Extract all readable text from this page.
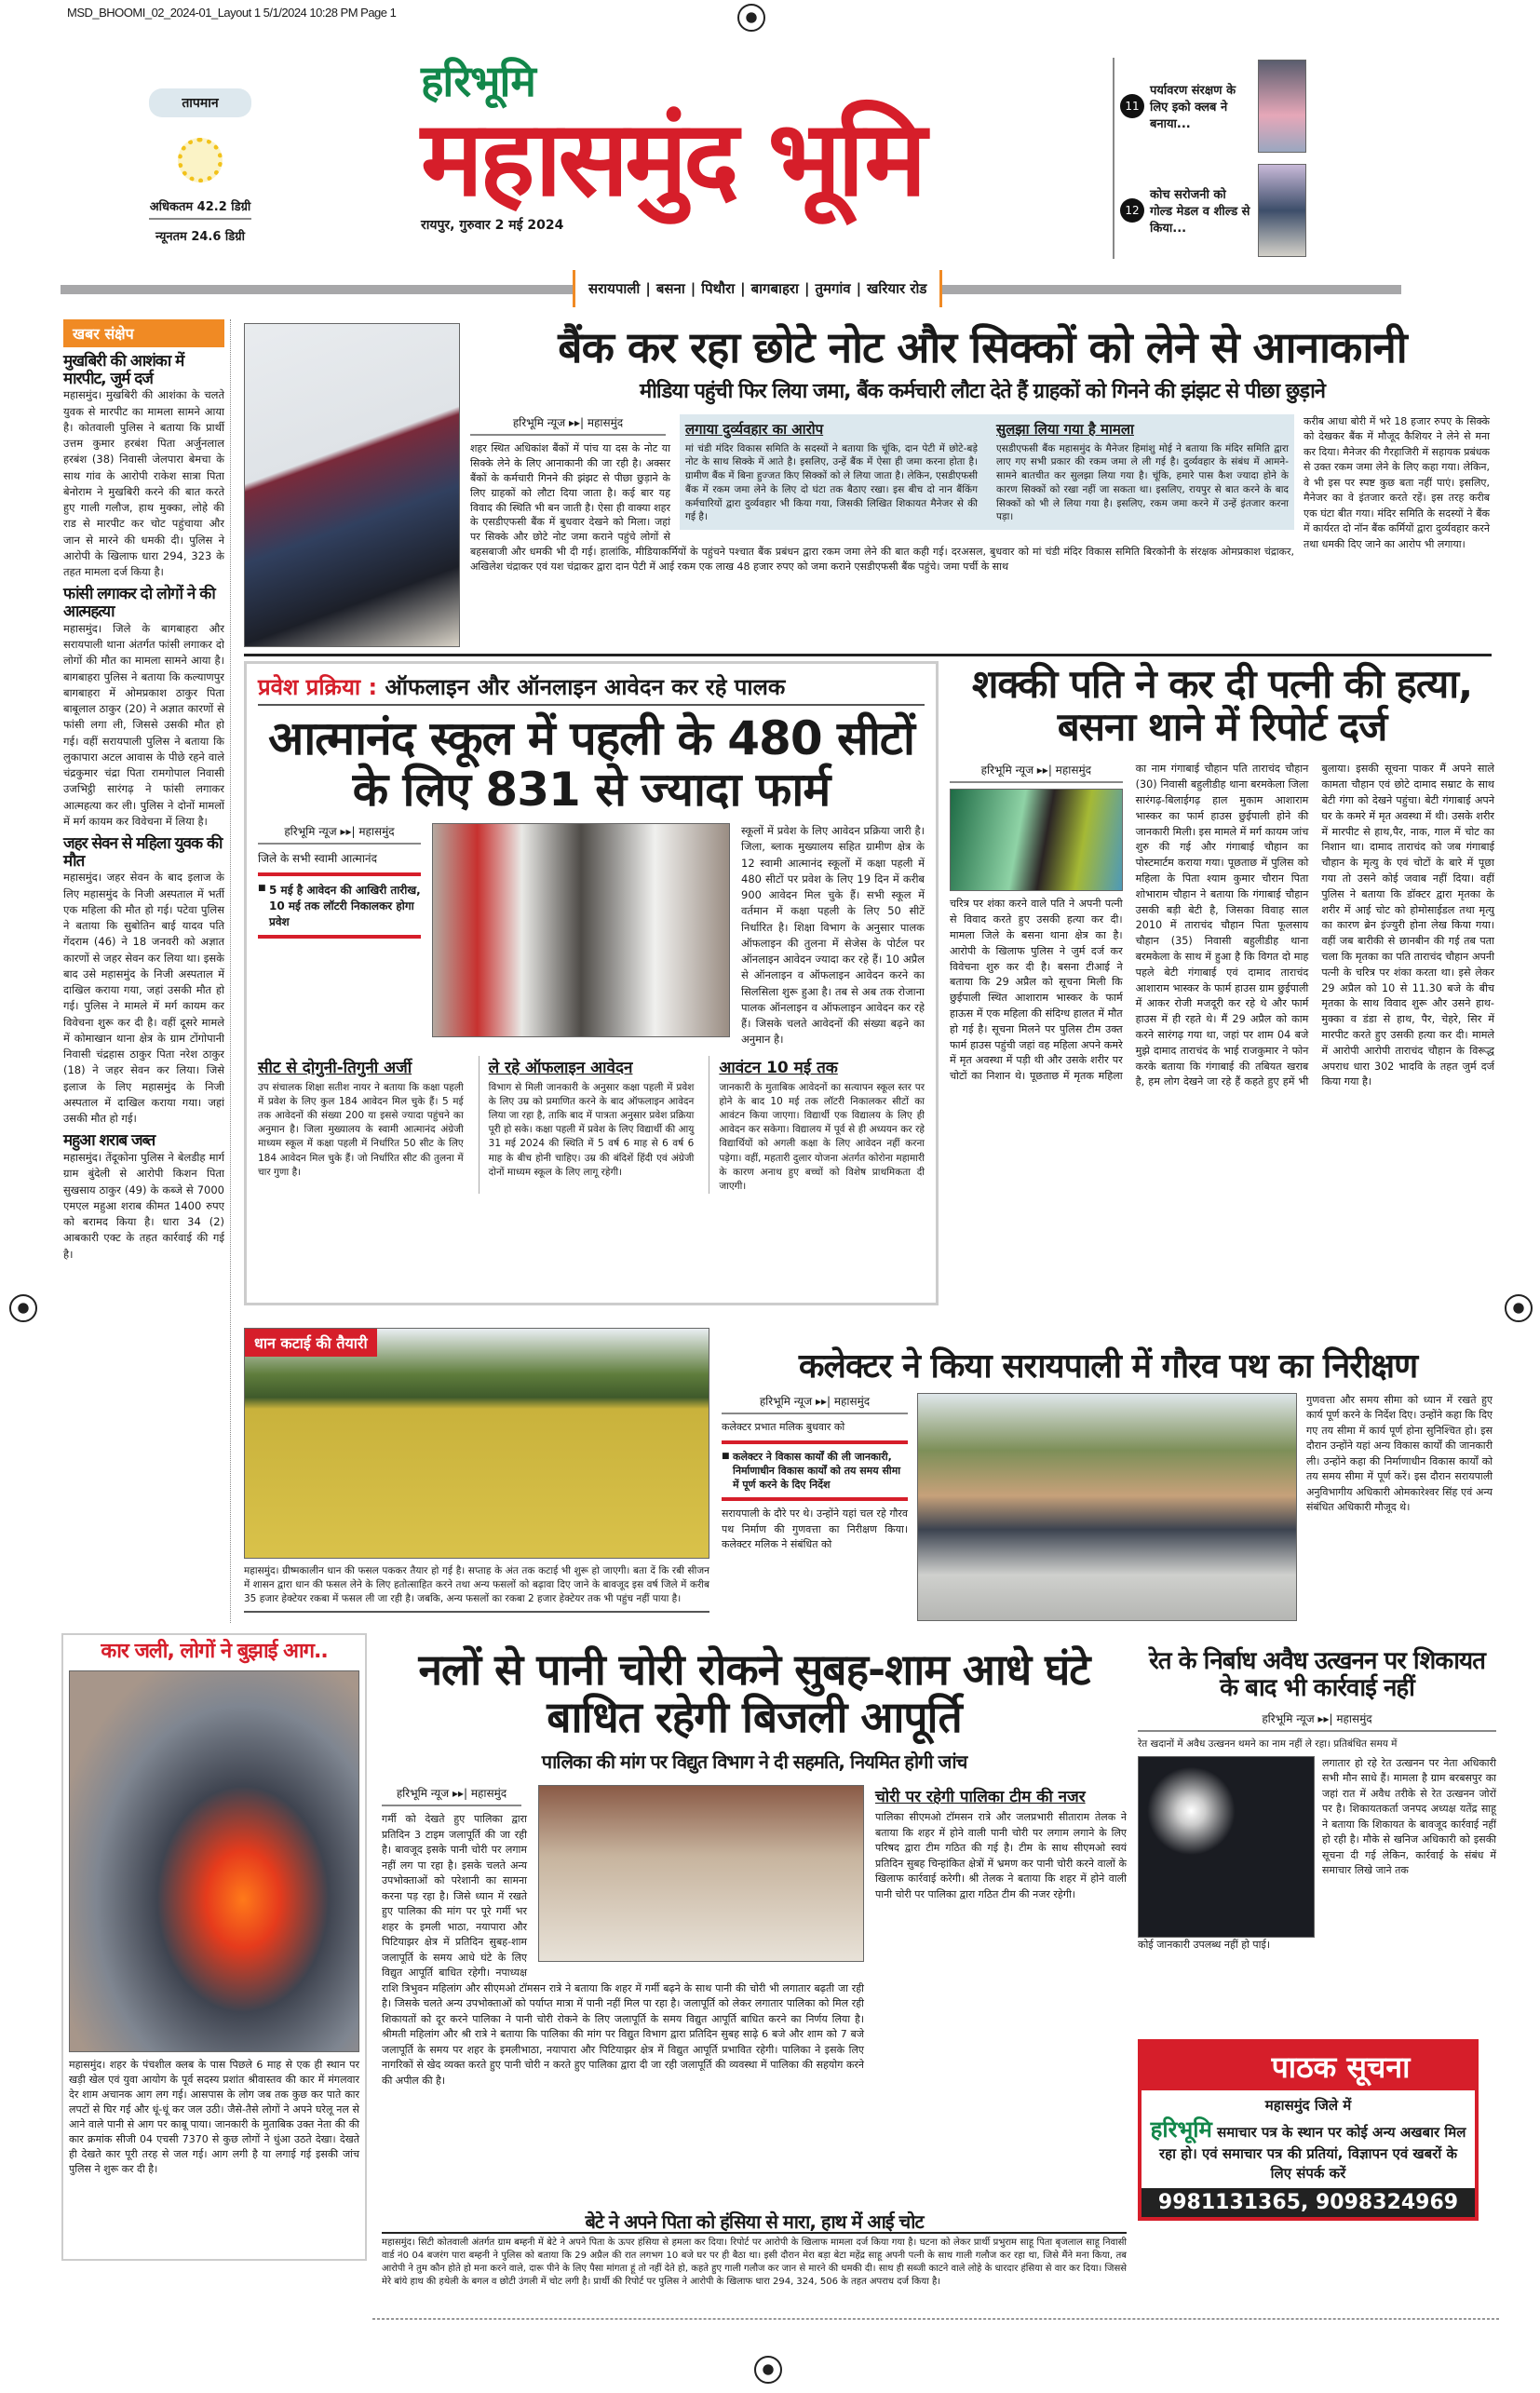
MSD_BHOOMI_02_2024-01_Layout 1 5/1/2024 10:28 PM Page 1
तापमान
अधिकतम 42.2 डिग्री
न्यूनतम 24.6 डिग्री
हरिभूमि
महासमुंद भूमि
रायपुर, गुरुवार 2 मई 2024
सरायपाली | बसना | पिथौरा | बागबाहरा | तुमगांव | खरियार रोड
11
पर्यावरण संरक्षण के लिए इको क्लब ने बनाया...
12
कोच सरोजनी को गोल्ड मेडल व शील्ड से किया...
खबर संक्षेप
मुखबिरी की आशंका में मारपीट, जुर्म दर्ज
महासमुंद। मुखबिरी की आशंका के चलते युवक से मारपीट का मामला सामने आया है। कोतवाली पुलिस ने बताया कि प्रार्थी उत्तम कुमार हरबंश पिता अर्जुनलाल हरबंश (38) निवासी जेलपारा बेमचा के साथ गांव के आरोपी राकेश सात्रा पिता बेनोराम ने मुखबिरी करने की बात करते हुए गाली गलौज, हाथ मुक्का, लोहे की राड से मारपीट कर चोट पहुंचाया और जान से मारने की धमकी दी। पुलिस ने आरोपी के खिलाफ धारा 294, 323 के तहत मामला दर्ज किया है।
फांसी लगाकर दो लोगों ने की आत्महत्या
महासमुंद। जिले के बागबाहरा और सरायपाली थाना अंतर्गत फांसी लगाकर दो लोगों की मौत का मामला सामने आया है। बागबाहरा पुलिस ने बताया कि कल्याणपुर बागबाहरा में ओमप्रकाश ठाकुर पिता बाबूलाल ठाकुर (20) ने अज्ञात कारणों से फांसी लगा ली, जिससे उसकी मौत हो गई। वहीं सरायपाली पुलिस ने बताया कि लुकापारा अटल आवास के पीछे रहने वाले चंद्रकुमार चंद्रा पिता रामगोपाल निवासी उजभिट्ठी सारंगढ़ ने फांसी लगाकर आत्महत्या कर ली। पुलिस ने दोनों मामलों में मर्ग कायम कर विवेचना में लिया है।
जहर सेवन से महिला युवक की मौत
महासमुंद। जहर सेवन के बाद इलाज के लिए महासमुंद के निजी अस्पताल में भर्ती एक महिला की मौत हो गई। पटेवा पुलिस ने बताया कि सुबोतिन बाई यादव पति गेंदराम (46) ने 18 जनवरी को अज्ञात कारणों से जहर सेवन कर लिया था। इसके बाद उसे महासमुंद के निजी अस्पताल में दाखिल कराया गया, जहां उसकी मौत हो गई। पुलिस ने मामले में मर्ग कायम कर विवेचना शुरू कर दी है। वहीं दूसरे मामले में कोमाखान थाना क्षेत्र के ग्राम टोंगोपानी निवासी चंद्रहास ठाकुर पिता नरेश ठाकुर (18) ने जहर सेवन कर लिया। जिसे इलाज के लिए महासमुंद के निजी अस्पताल में दाखिल कराया गया। जहां उसकी मौत हो गई।
महुआ शराब जब्त
महासमुंद। तेंदूकोना पुलिस ने बेलडीह मार्ग ग्राम बुंदेली से आरोपी किशन पिता सुखसाय ठाकुर (49) के कब्जे से 7000 एमएल महुआ शराब कीमत 1400 रुपए को बरामद किया है। धारा 34 (2) आबकारी एक्ट के तहत कार्रवाई की गई है।
बैंक कर रहा छोटे नोट और सिक्कों को लेने से आनाकानी
मीडिया पहुंची फिर लिया जमा, बैंक कर्मचारी लौटा देते हैं ग्राहकों को गिनने की झंझट से पीछा छुड़ाने
लगाया दुर्व्यवहार का आरोप
मां चंडी मंदिर विकास समिति के सदस्यों ने बताया कि चूंकि, दान पेटी में छोटे-बड़े नोट के साथ सिक्के में आते है। इसलिए, उन्हें बैंक में ऐसा ही जमा करना होता है। ग्रामीण बैंक में बिना हुज्जत किए सिक्कों को ले लिया जाता है। लेकिन, एसडीएफसी बैंक में रकम जमा लेने के लिए दो घंटा तक बैठाए रखा। इस बीच दो नान बैंकिंग कर्मचारियों द्वारा दुर्व्यवहार भी किया गया, जिसकी लिखित शिकायत मैनेजर से की गई है।
सुलझा लिया गया है मामला
एसडीएफसी बैंक महासमुंद के मैनेजर हिमांशु मोई ने बताया कि मंदिर समिति द्वारा लाए गए सभी प्रकार की रकम जमा ले ली गई है। दुर्व्यवहार के संबंध में आमने-सामने बातचीत कर सुलझा लिया गया है। चूंकि, हमारे पास कैश ज्यादा होने के कारण सिक्कों को रखा नहीं जा सकता था। इसलिए, रायपुर से बात करने के बाद सिक्कों को भी ले लिया गया है। इसलिए, रकम जमा करने में उन्हें इंतजार करना पड़ा।
हरिभूमि न्यूज ▸▸| महासमुंद
शहर स्थित अधिकांश बैंकों में पांच या दस के नोट या सिक्के लेने के लिए आनाकानी की जा रही है। अक्सर बैंकों के कर्मचारी गिनने की झंझट से पीछा छुड़ाने के लिए ग्राहकों को लौटा दिया जाता है। कई बार यह विवाद की स्थिति भी बन जाती है। ऐसा ही वाक्या शहर के एसडीएफसी बैंक में बुधवार देखने को मिला। जहां पर सिक्के और छोटे नोट जमा कराने पहुंचे लोगों से बहसबाजी और धमकी भी दी गई। हालांकि, मीडियाकर्मियों के पहुंचने पश्चात बैंक प्रबंधन द्वारा रकम जमा लेने की बात कही गई। दरअसल, बुधवार को मां चंडी मंदिर विकास समिति बिरकोनी के संरक्षक ओमप्रकाश चंद्राकर, अखिलेश चंद्राकर एवं यश चंद्राकर द्वारा दान पेटी में आई रकम एक लाख 48 हजार रुपए को जमा कराने एसडीएफसी बैंक पहुंचे। जमा पर्ची के साथ
करीब आधा बोरी में भरे 18 हजार रुपए के सिक्के को देखकर बैंक में मौजूद कैशियर ने लेने से मना कर दिया। मैनेजर की गैरहाजिरी में सहायक प्रबंधक से उक्त रकम जमा लेने के लिए कहा गया। लेकिन, वे भी इस पर स्पष्ट कुछ बता नहीं पाएं। इसलिए, मैनेजर का वे इंतजार करते रहें। इस तरह करीब एक घंटा बीत गया। मंदिर समिति के सदस्यों ने बैंक में कार्यरत दो नॉन बैंक कर्मियों द्वारा दुर्व्यवहार करने तथा धमकी दिए जाने का आरोप भी लगाया।
प्रवेश प्रक्रिया : ऑफलाइन और ऑनलाइन आवेदन कर रहे पालक
आत्मानंद स्कूल में पहली के 480 सीटों के लिए 831 से ज्यादा फार्म
हरिभूमि न्यूज ▸▸| महासमुंद
जिले के सभी स्वामी आत्मानंद
■ 5 मई है आवेदन की आखिरी तारीख, 10 मई तक लॉटरी निकालकर होगा प्रवेश
स्कूलों में प्रवेश के लिए आवेदन प्रक्रिया जारी है। जिला, ब्लाक मुख्यालय सहित ग्रामीण क्षेत्र के 12 स्वामी आत्मानंद स्कूलों में कक्षा पहली में 480 सीटों पर प्रवेश के लिए 19 दिन में करीब 900 आवेदन मिल चुके हैं। सभी स्कूल में वर्तमान में कक्षा पहली के लिए 50 सीटें निर्धारित है। शिक्षा विभाग के अनुसार पालक ऑफलाइन की तुलना में सेजेस के पोर्टल पर ऑनलाइन आवेदन ज्यादा कर रहे हैं। 10 अप्रैल से ऑनलाइन व ऑफलाइन आवेदन करने का सिलसिला शुरू हुआ है। तब से अब तक रोजाना पालक ऑनलाइन व ऑफलाइन आवेदन कर रहे हैं। जिसके चलते आवेदनों की संख्या बढ़ने का अनुमान है।
सीट से दोगुनी-तिगुनी अर्जी
उप संचालक शिक्षा सतीश नायर ने बताया कि कक्षा पहली में प्रवेश के लिए कुल 184 आवेदन मिल चुके हैं। 5 मई तक आवेदनों की संख्या 200 या इससे ज्यादा पहुंचने का अनुमान है। जिला मुख्यालय के स्वामी आत्मानंद अंग्रेजी माध्यम स्कूल में कक्षा पहली में निर्धारित 50 सीट के लिए 184 आवेदन मिल चुके हैं। जो निर्धारित सीट की तुलना में चार गुणा है।
ले रहे ऑफलाइन आवेदन
विभाग से मिली जानकारी के अनुसार कक्षा पहली में प्रवेश के लिए उम्र को प्रमाणित करने के बाद ऑफलाइन आवेदन लिया जा रहा है, ताकि बाद में पात्रता अनुसार प्रवेश प्रक्रिया पूरी हो सके। कक्षा पहली में प्रवेश के लिए विद्यार्थी की आयु 31 मई 2024 की स्थिति में 5 वर्ष 6 माह से 6 वर्ष 6 माह के बीच होनी चाहिए। उम्र की बंदिशें हिंदी एवं अंग्रेजी दोनों माध्यम स्कूल के लिए लागू रहेगी।
आवंटन 10 मई तक
जानकारी के मुताबिक आवेदनों का सत्यापन स्कूल स्तर पर होने के बाद 10 मई तक लॉटरी निकालकर सीटों का आवंटन किया जाएगा। विद्यार्थी एक विद्यालय के लिए ही आवेदन कर सकेगा। विद्यालय में पूर्व से ही अध्ययन कर रहे विद्यार्थियों को अगली कक्षा के लिए आवेदन नहीं करना पड़ेगा। वहीं, महतारी दुलार योजना अंतर्गत कोरोना महामारी के कारण अनाथ हुए बच्चों को विशेष प्राथमिकता दी जाएगी।
शक्की पति ने कर दी पत्नी की हत्या, बसना थाने में रिपोर्ट दर्ज
हरिभूमि न्यूज ▸▸| महासमुंद
चरित्र पर शंका करने वाले पति ने अपनी पत्नी से विवाद करते हुए उसकी हत्या कर दी। मामला जिले के बसना थाना क्षेत्र का है। आरोपी के खिलाफ पुलिस ने जुर्म दर्ज कर विवेचना शुरु कर दी है। बसना टीआई ने बताया कि 29 अप्रैल को सूचना मिली कि छुईपाली स्थित आशाराम भास्कर के फार्म हाऊस में एक महिला की संदिग्ध हालत में मौत हो गई है। सूचना मिलने पर पुलिस टीम उक्त फार्म हाउस पहुंची जहां वह महिला अपने कमरे में मृत अवस्था में पड़ी थी और उसके शरीर पर चोटों का निशान थे। पूछताछ में मृतक महिला का नाम गंगाबाई चौहान पति ताराचंद चौहान (30) निवासी बहुलीडीह थाना बरमकेला जिला सारंगढ़-बिलाईगढ़ हाल मुकाम आशाराम भास्कर का फार्म हाउस छुईपाली होने की जानकारी मिली। इस मामले में मर्ग कायम जांच शुरु की गई और गंगाबाई चौहान का पोस्टमार्टम कराया गया। पूछताछ में पुलिस को महिला के पिता श्याम कुमार चौरान पिता शोभाराम चौहान ने बताया कि गंगाबाई चौहान उसकी बड़ी बेटी है, जिसका विवाह साल 2010 में ताराचंद चौहान पिता फूलसाय चौहान (35) निवासी बहुलीडीह थाना बरमकेला के साथ में हुआ है कि विगत दो माह पहले बेटी गंगाबाई एवं दामाद ताराचंद आशाराम भास्कर के फार्म हाउस ग्राम छुईपाली में आकर रोजी मजदूरी कर रहे थे और फार्म हाउस में ही रहते थे। मैं 29 अप्रैल को काम करने सारंगढ़ गया था, जहां पर शाम 04 बजे मुझे दामाद ताराचंद के भाई राजकुमार ने फोन करके बताया कि गंगाबाई की तबियत खराब है, हम लोग देखने जा रहे हैं कहते हुए हमें भी बुलाया। इसकी सूचना पाकर मैं अपने साले कामता चौहान एवं छोटे दामाद सम्राट के साथ बेटी गंगा को देखने पहुंचा। बेटी गंगाबाई अपने घर के कमरे में मृत अवस्था में थी। उसके शरीर में मारपीट से हाथ,पैर, नाक, गाल में चोट का निशान था। दामाद ताराचंद को जब गंगाबाई चौहान के मृत्यु के एवं चोटों के बारे में पूछा गया तो उसने कोई जवाब नहीं दिया। वहीं पुलिस ने बताया कि डॉक्टर द्वारा मृतका के शरीर में आई चोट को होमोसाईडल तथा मृत्यु का कारण ब्रेन इंज्युरी होना लेख किया गया। वहीं जब बारीकी से छानबीन की गई तब पता चला कि मृतका का पति ताराचंद चौहान अपनी पत्नी के चरित्र पर शंका करता था। इसे लेकर 29 अप्रैल को 10 से 11.30 बजे के बीच मृतका के साथ विवाद शुरू और उसने हाथ-मुक्का व डंडा से हाथ, पैर, चेहरे, सिर में मारपीट करते हुए उसकी हत्या कर दी। मामले में आरोपी आरोपी ताराचंद चौहान के विरूद्ध अपराध धारा 302 भादवि के तहत जुर्म दर्ज किया गया है।
धान कटाई की तैयारी
महासमुंद। ग्रीष्मकालीन धान की फसल पककर तैयार हो गई है। सप्ताह के अंत तक कटाई भी शुरू हो जाएगी। बता दें कि रबी सीजन में शासन द्वारा धान की फसल लेने के लिए हतोत्साहित करने तथा अन्य फसलों को बढ़ावा दिए जाने के बावजूद इस वर्ष जिले में करीब 35 हजार हेक्टेयर रकबा में फसल ली जा रही है। जबकि, अन्य फसलों का रकबा 2 हजार हेक्टेयर तक भी पहुंच नहीं पाया है।
कलेक्टर ने किया सरायपाली में गौरव पथ का निरीक्षण
हरिभूमि न्यूज ▸▸| महासमुंद
कलेक्टर प्रभात मलिक बुधवार को
■ कलेक्टर ने विकास कार्यों की ली जानकारी, निर्माणाधीन विकास कार्यों को तय समय सीमा में पूर्ण करने के दिए निर्देश
सरायपाली के दौरे पर थे। उन्होंने यहां चल रहे गौरव पथ निर्माण की गुणवत्ता का निरीक्षण किया। कलेक्टर मलिक ने संबंधित को
गुणवत्ता और समय सीमा को ध्यान में रखते हुए कार्य पूर्ण करने के निर्देश दिए। उन्होंने कहा कि दिए गए तय सीमा में कार्य पूर्ण होना सुनिश्चित हो। इस दौरान उन्होंने यहां अन्य विकास कार्यों की जानकारी ली। उन्होंने कहा की निर्माणाधीन विकास कार्यों को तय समय सीमा में पूर्ण करें। इस दौरान सरायपाली अनुविभागीय अधिकारी ओमकारेश्वर सिंह एवं अन्य संबंधित अधिकारी मौजूद थे।
कार जली, लोगों ने बुझाई आग..
महासमुंद। शहर के पंचशील क्लब के पास पिछले 6 माह से एक ही स्थान पर खड़ी खेल एवं युवा आयोग के पूर्व सदस्य प्रशांत श्रीवास्तव की कार में मंगलवार देर शाम अचानक आग लग गई। आसपास के लोग जब तक कुछ कर पाते कार लपटों से घिर गई और धूं-धूं कर जल उठी। जैसे-तैसे लोगों ने अपने घरेलू नल से आने वाले पानी से आग पर काबू पाया। जानकारी के मुताबिक उक्त नेता की की कार क्रमांक सीजी 04 एचसी 7370 से कुछ लोगों ने धुंआ उठते देखा। देखते ही देखते कार पूरी तरह से जल गई। आग लगी है या लगाई गई इसकी जांच पुलिस ने शुरू कर दी है।
नलों से पानी चोरी रोकने सुबह-शाम आधे घंटे बाधित रहेगी बिजली आपूर्ति
पालिका की मांग पर विद्युत विभाग ने दी सहमति, नियमित होगी जांच
हरिभूमि न्यूज ▸▸| महासमुंद
गर्मी को देखते हुए पालिका द्वारा प्रतिदिन 3 टाइम जलापूर्ति की जा रही है। बावजूद इसके पानी चोरी पर लगाम नहीं लग पा रहा है। इसके चलते अन्य उपभोक्ताओं को परेशानी का सामना करना पड़ रहा है। जिसे ध्यान में रखते हुए पालिका की मांग पर पूरे गर्मी भर शहर के इमली भाठा, नयापारा और पिटियाझर क्षेत्र में प्रतिदिन सुबह-शाम जलापूर्ति के समय आधे घंटे के लिए विद्युत आपूर्ति बाधित रहेगी। नपाध्यक्ष राशि त्रिभुवन महिलांग और सीएमओ टॉमसन रात्रे ने बताया कि शहर में गर्मी बढ़ने के साथ पानी की चोरी भी लगातार बढ़ती जा रही है। जिसके चलते अन्य उपभोक्ताओं को पर्याप्त मात्रा में पानी नहीं मिल पा रहा है। जलापूर्ति को लेकर लगातार पालिका को मिल रही शिकायतों को दूर करने पालिका ने पानी चोरी रोकने के लिए जलापूर्ति के समय विद्युत आपूर्ति बाधित करने का निर्णय लिया है। श्रीमती महिलांग और श्री रात्रे ने बताया कि पालिका की मांग पर विद्युत विभाग द्वारा प्रतिदिन सुबह साढ़े 6 बजे और शाम को 7 बजे जलापूर्ति के समय पर शहर के इमलीभाठा, नयापारा और पिटियाझर क्षेत्र में विद्युत आपूर्ति प्रभावित रहेगी। पालिका ने इसके लिए नागरिकों से खेद व्यक्त करते हुए पानी चोरी न करते हुए पालिका द्वारा दी जा रही जलापूर्ति की व्यवस्था में पालिका की सहयोग करने की अपील की है।
चोरी पर रहेगी पालिका टीम की नजर
पालिका सीएमओ टॉमसन रात्रे और जलप्रभारी सीताराम तेलक ने बताया कि शहर में होने वाली पानी चोरी पर लगाम लगाने के लिए परिषद द्वारा टीम गठित की गई है। टीम के साथ सीएमओ स्वयं प्रतिदिन सुबह चिन्हांकित क्षेत्रों में भ्रमण कर पानी चोरी करने वालों के खिलाफ कार्रवाई करेगी। श्री तेलक ने बताया कि शहर में होने वाली पानी चोरी पर पालिका द्वारा गठित टीम की नजर रहेगी।
बेटे ने अपने पिता को हंसिया से मारा, हाथ में आई चोट
महासमुंद। सिटी कोतवाली अंतर्गत ग्राम बम्हनी में बेटे ने अपने पिता के ऊपर हंसिया से हमला कर दिया। रिपोर्ट पर आरोपी के खिलाफ मामला दर्ज किया गया है। घटना को लेकर प्रार्थी प्रभुराम साहू पिता बृजलाल साहू निवासी वार्ड नं0 04 बजरंग पारा बम्हनी ने पुलिस को बताया कि 29 अप्रैल की रात लगभग 10 बजे घर पर ही बैठा था। इसी दौरान मेरा बड़ा बेटा महेंद्र साहू अपनी पत्नी के साथ गाली गलौज कर रहा था, जिसे मैंने मना किया, तब आरोपी ने तुम कौन होते हो मना करने वाले, दारू पीने के लिए पैसा मांगता हूं तो नहीं देते हो, कहते हुए गाली गलौज कर जान से मारने की धमकी दी। साथ ही सब्जी काटने वाले लोहे के धारदार हंसिया से वार कर दिया। जिससे मेरे बांये हाथ की हथेली के बगल व छोटी उंगली में चोट लगी है। प्रार्थी की रिपोर्ट पर पुलिस ने आरोपी के खिलाफ धारा 294, 324, 506 के तहत अपराध दर्ज किया है।
रेत के निर्बाध अवैध उत्खनन पर शिकायत के बाद भी कार्रवाई नहीं
हरिभूमि न्यूज ▸▸| महासमुंद
रेत खदानों में अवैध उत्खनन थमने का नाम नहीं ले रहा। प्रतिबंधित समय में
लगातार हो रहे रेत उत्खनन पर नेता अधिकारी सभी मौन साधे हैं। मामला है ग्राम बरबसपुर का जहां रात में अवैध तरीके से रेत उत्खनन जोरों पर है। शिकायतकर्ता जनपद अध्यक्ष यतेंद्र साहू ने बताया कि शिकायत के बावजूद कार्रवाई नहीं हो रही है। मौके से खनिज अधिकारी को इसकी सूचना दी गई लेकिन, कार्रवाई के संबंध में समाचार लिखे जाने तक
कोई जानकारी उपलब्ध नहीं हो पाई।
पाठक सूचना
महासमुंद जिले में
हरिभूमि समाचार पत्र के स्थान पर कोई अन्य अखबार मिल रहा हो। एवं समाचार पत्र की प्रतियां, विज्ञापन एवं खबरों के लिए संपर्क करें
9981131365, 9098324969
